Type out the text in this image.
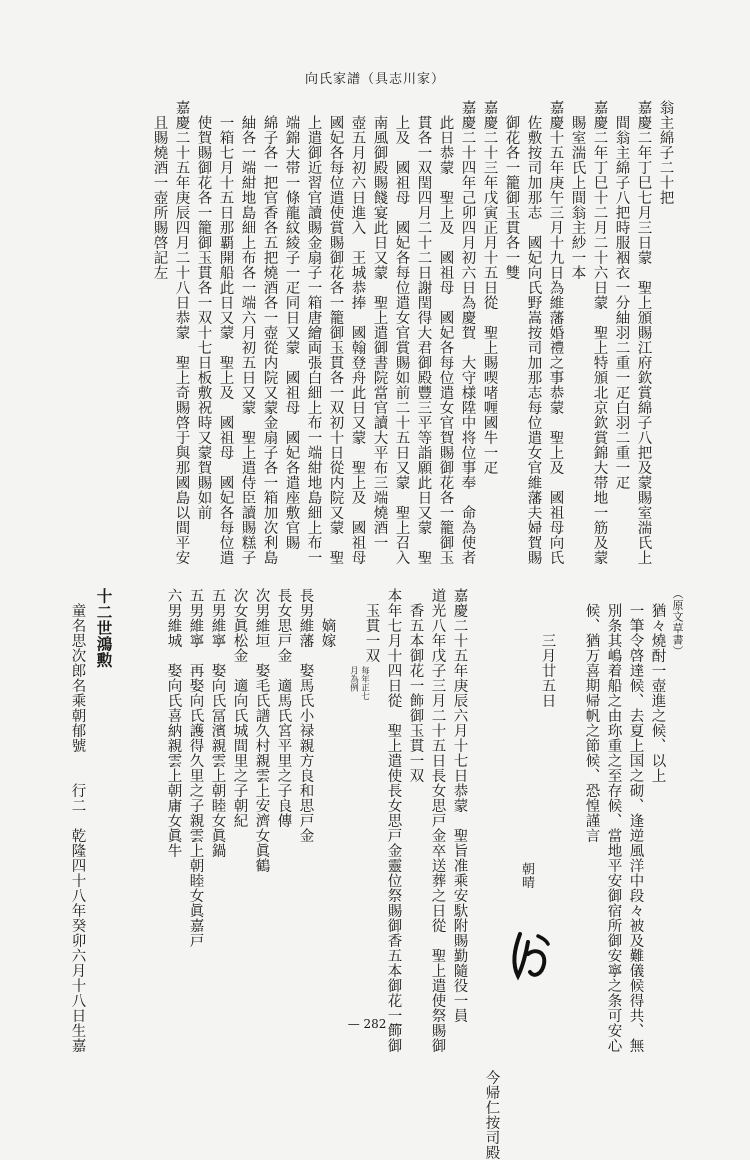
向氏家譜（具志川家）
翁主綿子二十把
嘉慶二年丁巳七月三日蒙　聖上頒賜江府欽賞綿子八把及蒙賜室湍氏上
　間翁主綿子八把時服裀衣一分紬羽二重一疋白羽二重一疋
嘉慶二年丁巳十二月二十六日蒙　聖上特頒北京欽賞錦大帯地一筋及蒙
　賜室湍氏上間翁主紗一本
嘉慶十五年庚午三月十九日為維藩婚禮之事恭蒙　聖上及　國祖母向氏
　佐敷按司加那志　國妃向氏野嵩按司加那志每位遣女官維藩夫婦賀賜
　御花各一籠御玉貫各一雙
嘉慶二十三年戊寅正月十五日從　聖上賜喫啫喱國牛一疋
嘉慶二十四年己卯四月初六日為慶賀　大守様陞中将位事奉　命為使者
　此日恭蒙　聖上及　國祖母　國妃各每位遣女官賀賜御花各一籠御玉
　貫各一双閏四月二十二日謝閏得大君御殿豐三平等詣願此日又蒙　聖
　上及　國祖母　國妃各每位遣女官賞賜如前二十五日又蒙　聖上召入
　南風御殿賜餞宴此日又蒙　聖上遣御書院當官讀大平布三端燒酒一
　壺五月初六日進入　王城恭捧　國翰登舟此日又蒙　聖上及　國祖母
　國妃各每位遣使賞賜御花各一籠御玉貫各一双初十日從内院又蒙　聖
　上遣御近習官讀賜金扇子一箱唐繪両張白細上布一端紺地島細上布一
　端錦大帯一條龍紋綾子一疋同日又蒙　國祖母　國妃各遣座敷官賜
　綿子各一把官香各五把燒酒各一壺從内院又蒙金扇子各一箱加次利島
　紬各一端紺地島細上布各一端六月初五日又蒙　聖上遣侍臣讀賜糕子
　一箱七月十五日那覇開船此日又蒙　聖上及　國祖母　國妃各每位遣
　使賀賜御花各一籠御玉貫各一双十七日板敷祝時又蒙賀賜如前
嘉慶二十五年庚辰四月二十八日恭蒙　聖上奇賜啓于與那國島以間平安
　且賜燒酒一壺所賜啓記左
（原文草書）
　猶々燒酎一壺進之候、以上
　一筆令啓達候、去夏上国之砌、逢逆風洋中段々被及難儀候得共、無
　別条其嶋着船之由珎重之至存候、當地平安御宿所御安寧之条可安心
　候、猶万喜期帰帆之節候、恐惶謹言
　　　三月廿五日
　　　　　　　　　　　　　　　　　　今帰仁按司殿
嘉慶二十五年庚辰六月十七日恭蒙　聖旨准乘安馱附賜勤隨役一員
道光八年戊子三月二十五日長女思戸金卒送葬之日從　聖上遣使祭賜御
　香五本御花一飾御玉貫一双
本年七月十四日從　聖上遣使長女思戸金靈位祭賜御香五本御花一飾御
　玉貫一双
每年正七
月為例
　　嫡嫁
長男維藩　娶馬氏小禄親方良和思戸金
長女思戸金　適馬氏宮平里之子良傳
次男維垣　娶毛氏譜久村親雲上安濟女眞鶴
次女眞松金　適向氏城間里之子朝紀
五男維寧　娶向氏冨濱親雲上朝睦女眞鍋
五男維寧　再娶向氏護得久里之子親雲上朝睦女眞嘉戸
六男維城　娶向氏喜納親雲上朝庸女眞牛
十二世鴻勲
　童名思次郎名乘朝郁號　　行二　乾隆四十八年癸卯六月十八日生嘉	朝晴
— 282 —
